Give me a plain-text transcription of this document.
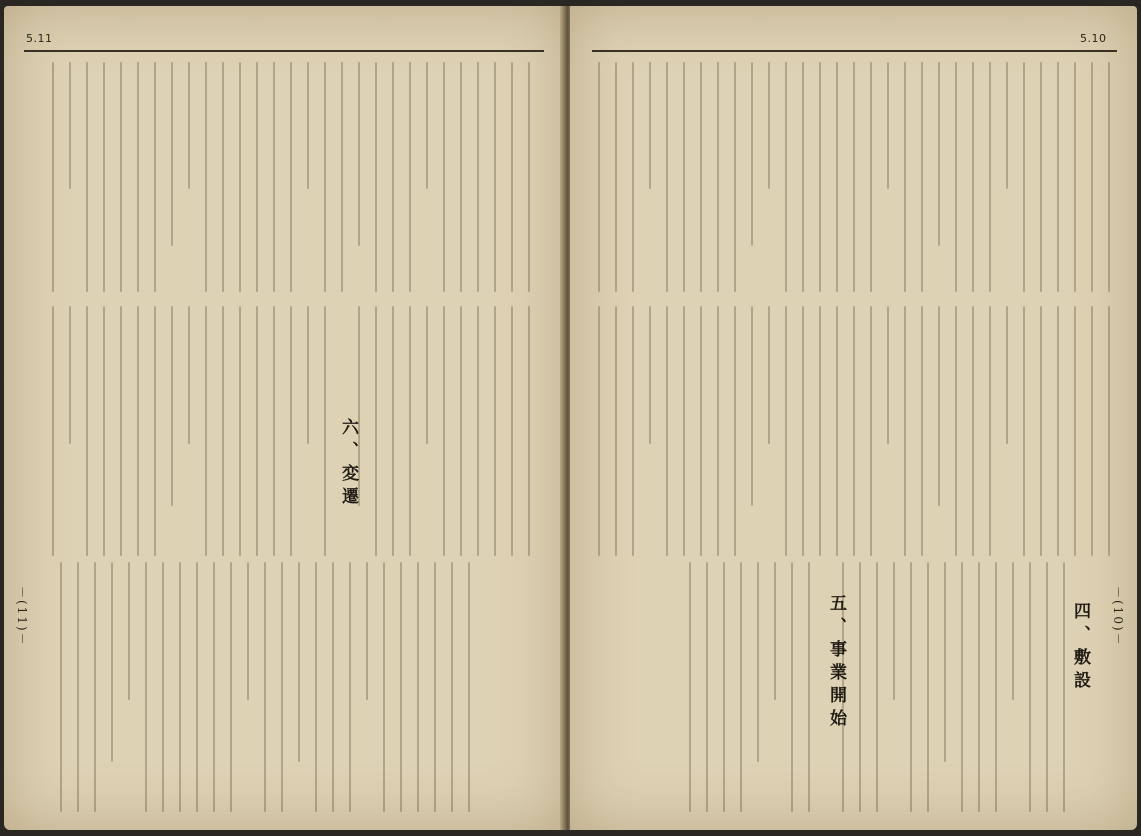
5.11
六、変遷
－(11)－
5.10
四、敷設
五、事業開始	－(10)－
